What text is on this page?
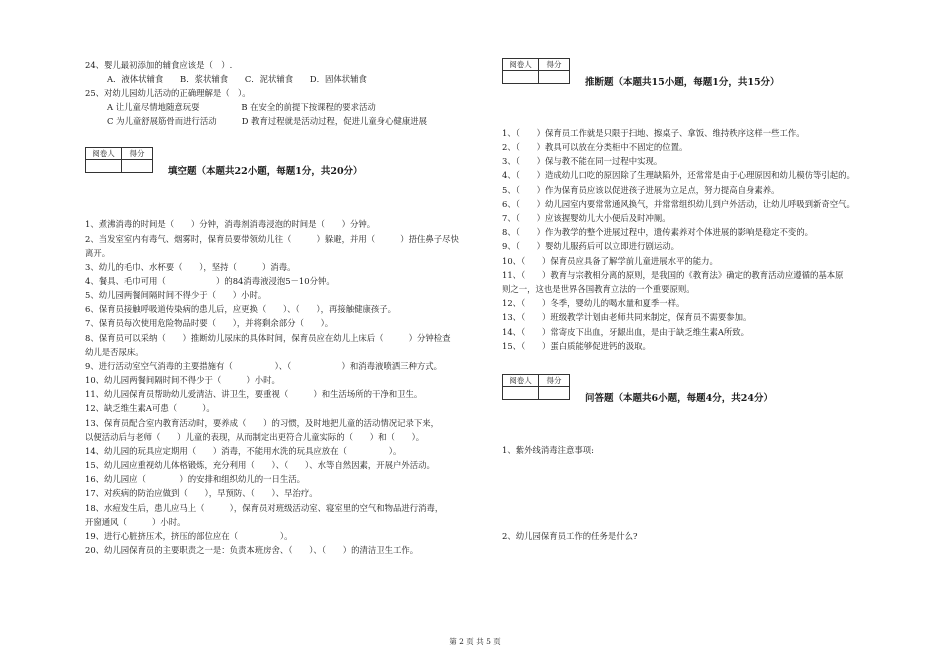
24、婴儿最初添加的辅食应该是（　）.
A．液体状辅食　　B．浆状辅食　　C．泥状辅食　　D．固体状辅食
25、对幼儿园幼儿活动的正确理解是（　）。
A 让儿童尽情地随意玩耍　　　　　B 在安全的前提下按课程的要求活动
C 为儿童舒展筋骨而进行活动　　　D 教育过程就是活动过程，促进儿童身心健康进展
阅卷人	得分
填空题（本题共22小题，每题1分，共20分）
1、煮沸消毒的时间是（　　）分钟，消毒剂消毒浸泡的时间是（　　）分钟。
2、当发室室内有毒气、烟雾时，保育员要带领幼儿往（　　　）躲避，并用（　　　）捂住鼻子尽快
离开。
3、幼儿的毛巾、水杯要（　　），坚持（　　　）消毒。
4、餐具、毛巾可用（　　　　　　）的84消毒液浸泡5－10分钟。
5、幼儿园两餐间隔时间不得少于（　　）小时。
6、保育员接触呼吸道传染病的患儿后，应更换（　　）、（　　），再接触健康孩子。
7、保育员每次使用危险物品时要（　　），并将剩余部分（　　）。
8、保育员可以采纳（　　）推断幼儿尿床的具体时间，保育员应在幼儿上床后（　　　）分钟检查
幼儿是否尿床。
9、进行活动室空气消毒的主要措施有（　　　　　）、（　　　　　　）和消毒液喷洒三种方式。
10、幼儿园两餐间隔时间不得少于（　　　）小时。
11、幼儿园保育员帮助幼儿爱清洁、讲卫生，要重视（　　　）和生活场所的干净和卫生。
12、缺乏维生素A可患（　　　）。
13、保育员配合室内教育活动时，要养成（　　）的习惯，及时地把儿童的活动情况记录下来，
以便活动后与老师（　　）儿童的表现，从而制定出更符合儿童实际的（　　）和（　　）。
14、幼儿园的玩具应定期用（　　）消毒，不能用水洗的玩具应放在（　　　　　）。
15、幼儿园应重视幼儿体格锻炼，充分利用（　　）、（　　）、水等自然因素，开展户外活动。
16、幼儿园应（　　　　）的安排和组织幼儿的一日生活。
17、对疾病的防治应做到（　　），早预防、（　　）、早治疗。
18、水痘发生后，患儿应马上（　　　），保育员对班级活动室、寝室里的空气和物品进行消毒，
开窗通风（　　　）小时。
19、进行心脏挤压术，挤压的部位应在（　　　　　）。
20、幼儿园保育员的主要职责之一是：负责本班房舍、（　　）、（　　）的清洁卫生工作。
阅卷人	得分
推断题（本题共15小题，每题1分，共15分）
1、（　　）保育员工作就是只限于扫地、擦桌子、拿饭、维持秩序这样一些工作。
2、（　　）教具可以放在分类柜中不固定的位置。
3、（　　）保与教不能在同一过程中实现。
4、（　　）造成幼儿口吃的原因除了生理缺陷外，还常常是由于心理原因和幼儿模仿等引起的。
5、（　　）作为保育员应该以促进孩子进展为立足点，努力提高自身素养。
6、（　　）幼儿园室内要常常通风换气，并常常组织幼儿到户外活动，让幼儿呼吸到新奇空气。
7、（　　）应该握婴幼儿大小便后及时冲厕。
8、（　　）作为教学的整个进展过程中，遗传素养对个体进展的影响是稳定不变的。
9、（　　）婴幼儿服药后可以立即进行剧运动。
10、（　　）保育员应具备了解学前儿童进展水平的能力。
11、（　　）教育与宗教相分离的原则，是我国的《教育法》确定的教育活动应遵循的基本原
则之一，这也是世界各国教育立法的一个重要原则。
12、（　　）冬季，婴幼儿的喝水量和夏季一样。
13、（　　）班级教学计划由老师共同来制定，保育员不需要参加。
14、（　　）常寄皮下出血，牙龈出血，是由于缺乏维生素A所致。
15、（　　）蛋白质能够促进钙的汲取。
阅卷人	得分
问答题（本题共6小题，每题4分，共24分）
1、紫外线消毒注意事项:
2、幼儿园保育员工作的任务是什么?
第 2 页 共 5 页
